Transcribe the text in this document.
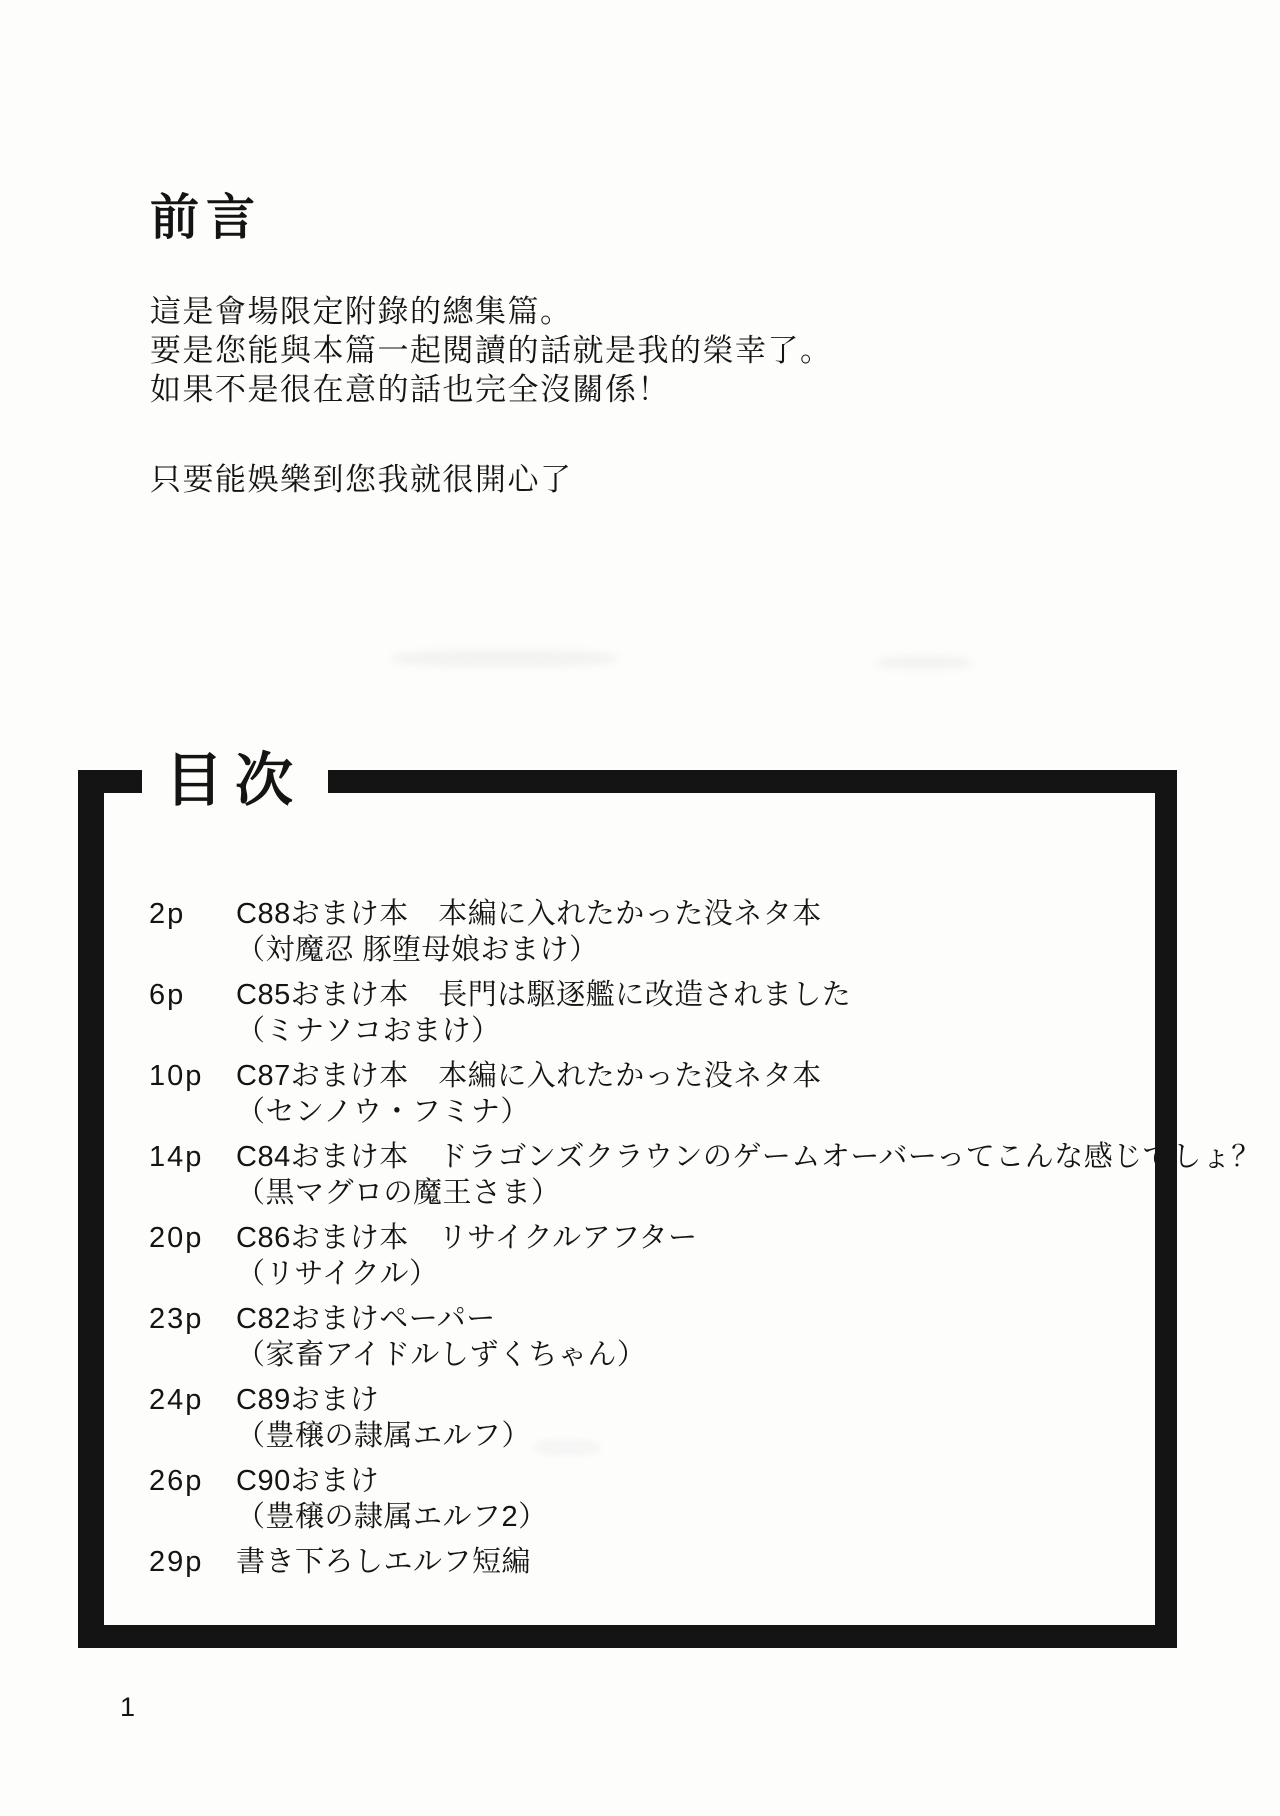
前言
這是會場限定附錄的總集篇。
要是您能與本篇一起閱讀的話就是我的榮幸了。
如果不是很在意的話也完全沒關係！
只要能娛樂到您我就很開心了
目次
2p	C88おまけ本　本編に入れたかった没ネタ本
（対魔忍 豚堕母娘おまけ）
6p	C85おまけ本　長門は駆逐艦に改造されました
（ミナソコおまけ）
10p	C87おまけ本　本編に入れたかった没ネタ本
（センノウ・フミナ）
14p	C84おまけ本　ドラゴンズクラウンのゲームオーバーってこんな感じでしょ？
（黒マグロの魔王さま）
20p	C86おまけ本　リサイクルアフター
（リサイクル）
23p	C82おまけペーパー
（家畜アイドルしずくちゃん）
24p	C89おまけ
（豊穣の隷属エルフ）
26p	C90おまけ
（豊穣の隷属エルフ2）
29p	書き下ろしエルフ短編
1
